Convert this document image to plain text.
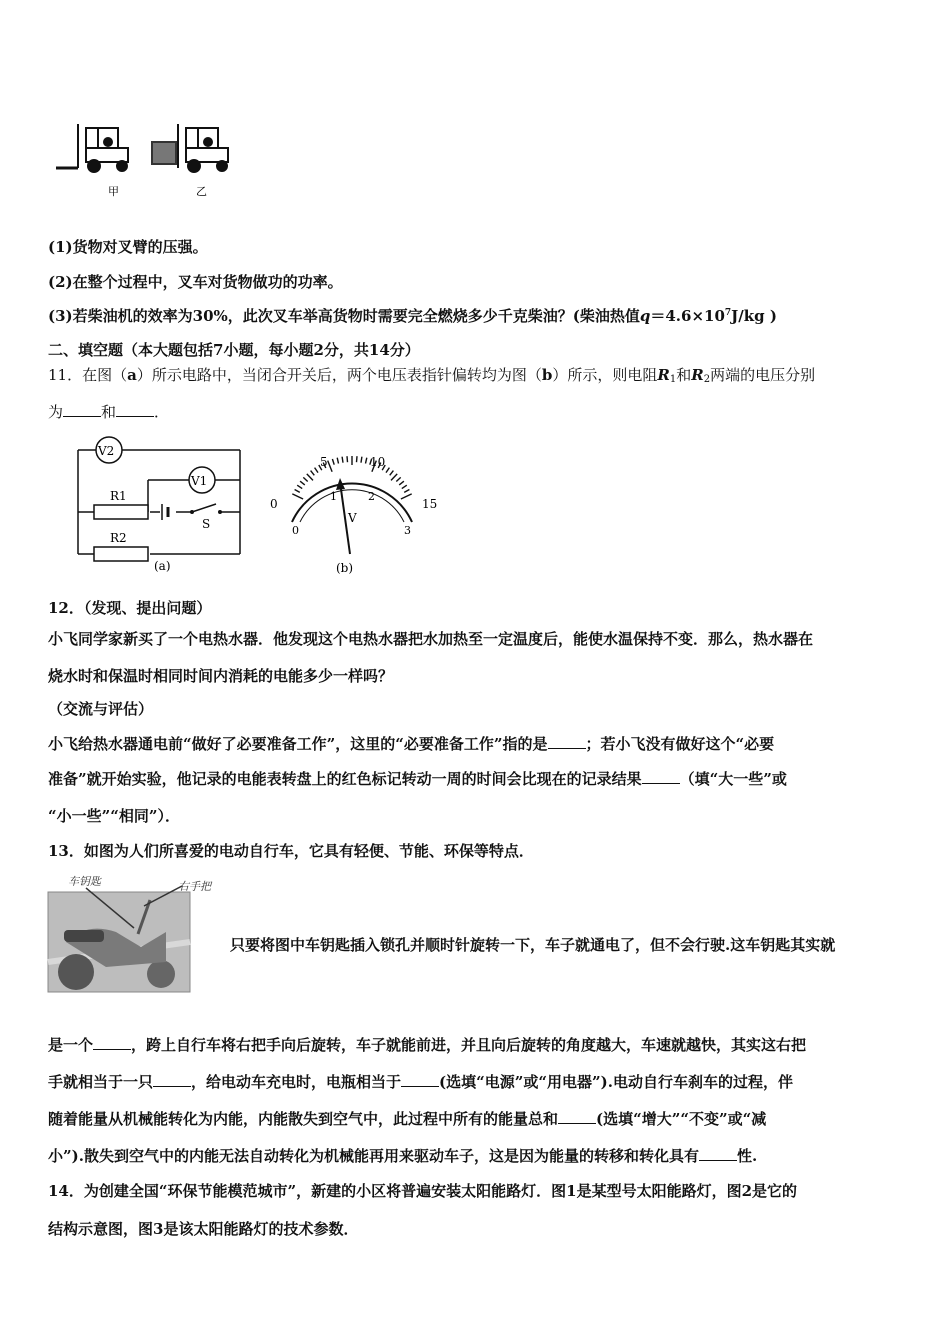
甲	乙
(1)货物对叉臂的压强。
(2)在整个过程中，叉车对货物做功的功率。
(3)若柴油机的效率为30%，此次叉车举高货物时需要完全燃烧多少千克柴油？(柴油热值$q=4.6\times 10^7J/kg$ )
二、填空题（本大题包括7小题，每小题2分，共14分）
11．在图（a）所示电路中，当闭合开关后，两个电压表指针偏转均为图（b）所示，则电阻$R_1$和$R_2$两端的电压分别
为	和	．
V2
V1
R1
S
R2
(a)
0
5	10
15
0
1	2
3
V
(b)
12．（发现、提出问题）
小飞同学家新买了一个电热水器．他发现这个电热水器把水加热至一定温度后，能使水温保持不变．那么，热水器在
烧水时和保温时相同时间内消耗的电能多少一样吗？
（交流与评估）
小飞给热水器通电前“做好了必要准备工作”，这里的“必要准备工作”指的是	；若小飞没有做好这个“必要
准备”就开始实验，他记录的电能表转盘上的红色标记转动一周的时间会比现在的记录结果	（填“大一些”或
“小一些”“相同”）．
13．如图为人们所喜爱的电动自行车，它具有轻便、节能、环保等特点．
车钥匙	右手把
只要将图中车钥匙插入锁孔并顺时针旋转一下，车子就通电了，但不会行驶.这车钥匙其实就
是一个	，跨上自行车将右把手向后旋转，车子就能前进，并且向后旋转的角度越大，车速就越快，其实这右把
手就相当于一只	，给电动车充电时，电瓶相当于	(选填“电源”或“用电器”).电动自行车刹车的过程，伴
随着能量从机械能转化为内能，内能散失到空气中，此过程中所有的能量总和	(选填“增大”“不变”或“减
小”).散失到空气中的内能无法自动转化为机械能再用来驱动车子，这是因为能量的转移和转化具有	性.
14．为创建全国“环保节能模范城市”，新建的小区将普遍安装太阳能路灯．图1是某型号太阳能路灯，图2是它的
结构示意图，图3是该太阳能路灯的技术参数．
